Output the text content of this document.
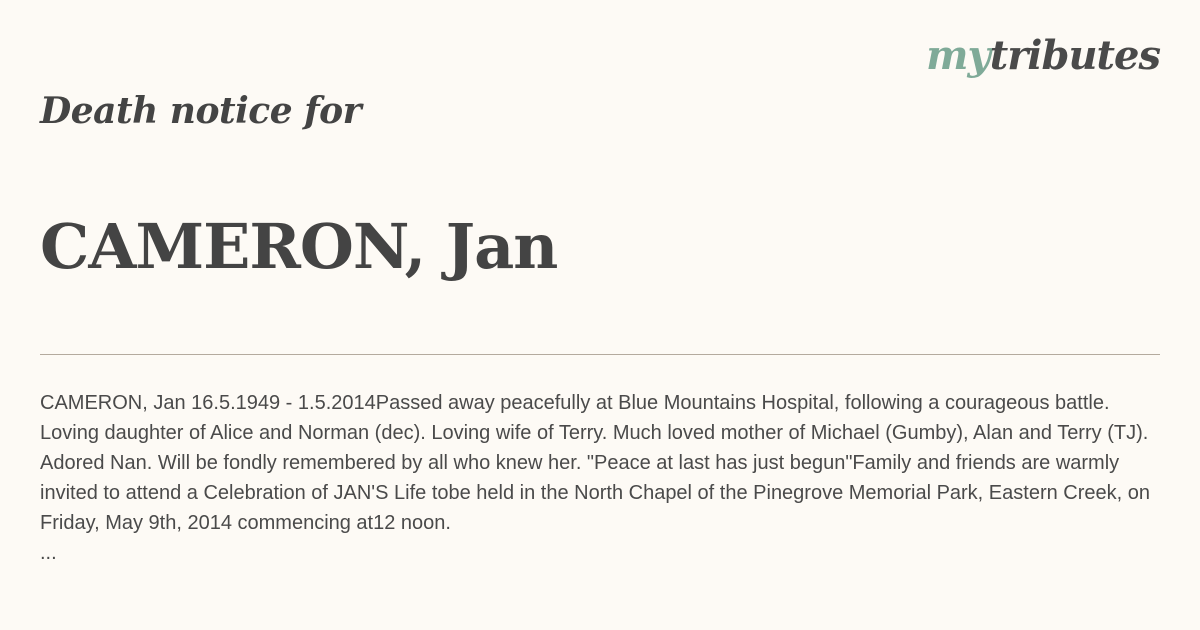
mytributes
Death notice for
CAMERON, Jan

CAMERON, Jan 16.5.1949 - 1.5.2014Passed away peacefully at Blue Mountains Hospital, following a courageous battle. Loving daughter of Alice and Norman (dec). Loving wife of Terry. Much loved mother of Michael (Gumby), Alan and Terry (TJ). Adored Nan. Will be fondly remembered by all who knew her. "Peace at last has just begun"Family and friends are warmly invited to attend a Celebration of JAN'S Life tobe held in the North Chapel of the Pinegrove Memorial Park, Eastern Creek, on Friday, May 9th, 2014 commencing at12 noon.

...
